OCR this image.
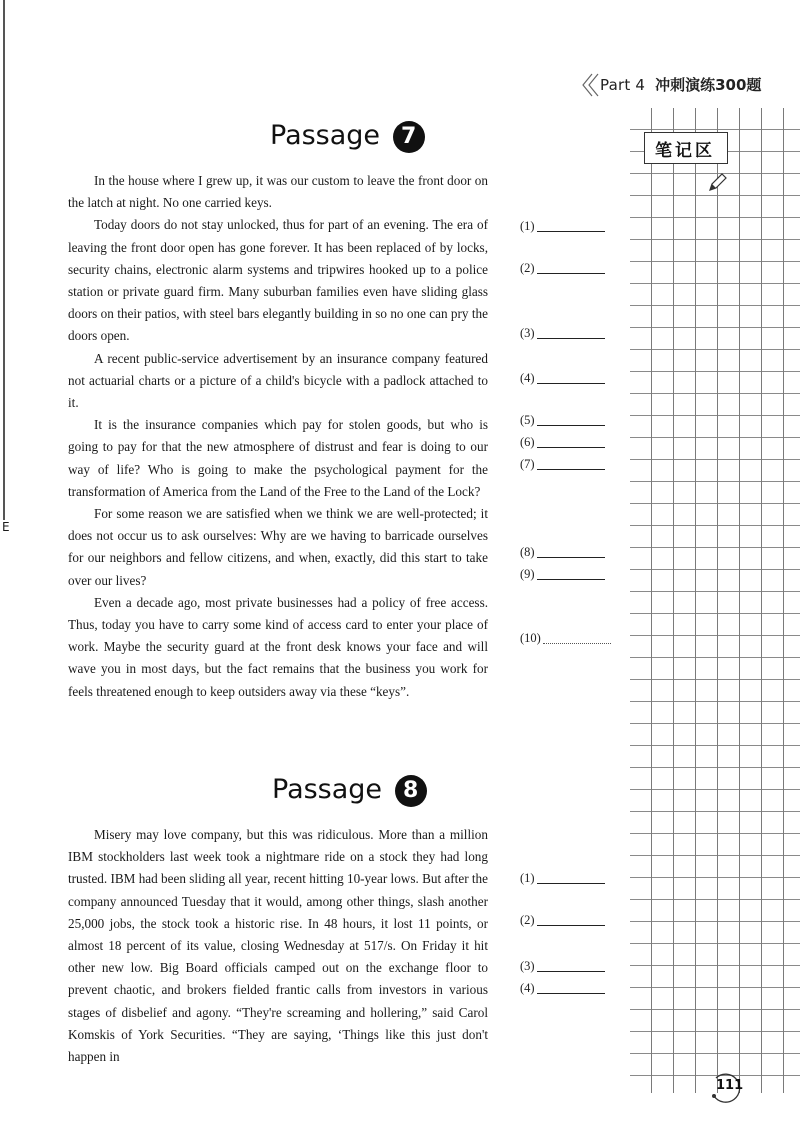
E
Part 4 冲刺演练300题
笔记区
Passage 7

In the house where I grew up, it was our custom to leave the front door on the latch at night. No one carried keys.

Today doors do not stay unlocked, thus for part of an evening. The era of leaving the front door open has gone forever. It has been replaced of by locks, security chains, electronic alarm systems and tripwires hooked up to a police station or private guard firm. Many suburban families even have sliding glass doors on their patios, with steel bars elegantly building in so no one can pry the doors open.

A recent public-service advertisement by an insurance company featured not actuarial charts or a picture of a child's bicycle with a padlock attached to it.

It is the insurance companies which pay for stolen goods, but who is going to pay for that the new atmosphere of distrust and fear is doing to our way of life? Who is going to make the psychological payment for the transformation of America from the Land of the Free to the Land of the Lock?

For some reason we are satisfied when we think we are well-protected; it does not occur us to ask ourselves: Why are we having to barricade ourselves for our neighbors and fellow citizens, and when, exactly, did this start to take over our lives?

Even a decade ago, most private businesses had a policy of free access. Thus, today you have to carry some kind of access card to enter your place of work. Maybe the security guard at the front desk knows your face and will wave you in most days, but the fact remains that the business you work for feels threatened enough to keep outsiders away via these “keys”.

(1)
(2)
(3)
(4)
(5)
(6)
(7)
(8)
(9)
(10)
Passage 8

Misery may love company, but this was ridiculous. More than a million IBM stockholders last week took a nightmare ride on a stock they had long trusted. IBM had been sliding all year, recent hitting 10-year lows. But after the company announced Tuesday that it would, among other things, slash another 25,000 jobs, the stock took a historic rise. In 48 hours, it lost 11 points, or almost 18 percent of its value, closing Wednesday at 517/s. On Friday it hit other new low. Big Board officials camped out on the exchange floor to prevent chaotic, and brokers fielded frantic calls from investors in various stages of disbelief and agony. “They're screaming and hollering,” said Carol Komskis of York Securities. “They are saying, ‘Things like this just don't happen in

(1)
(2)
(3)
(4)
111
